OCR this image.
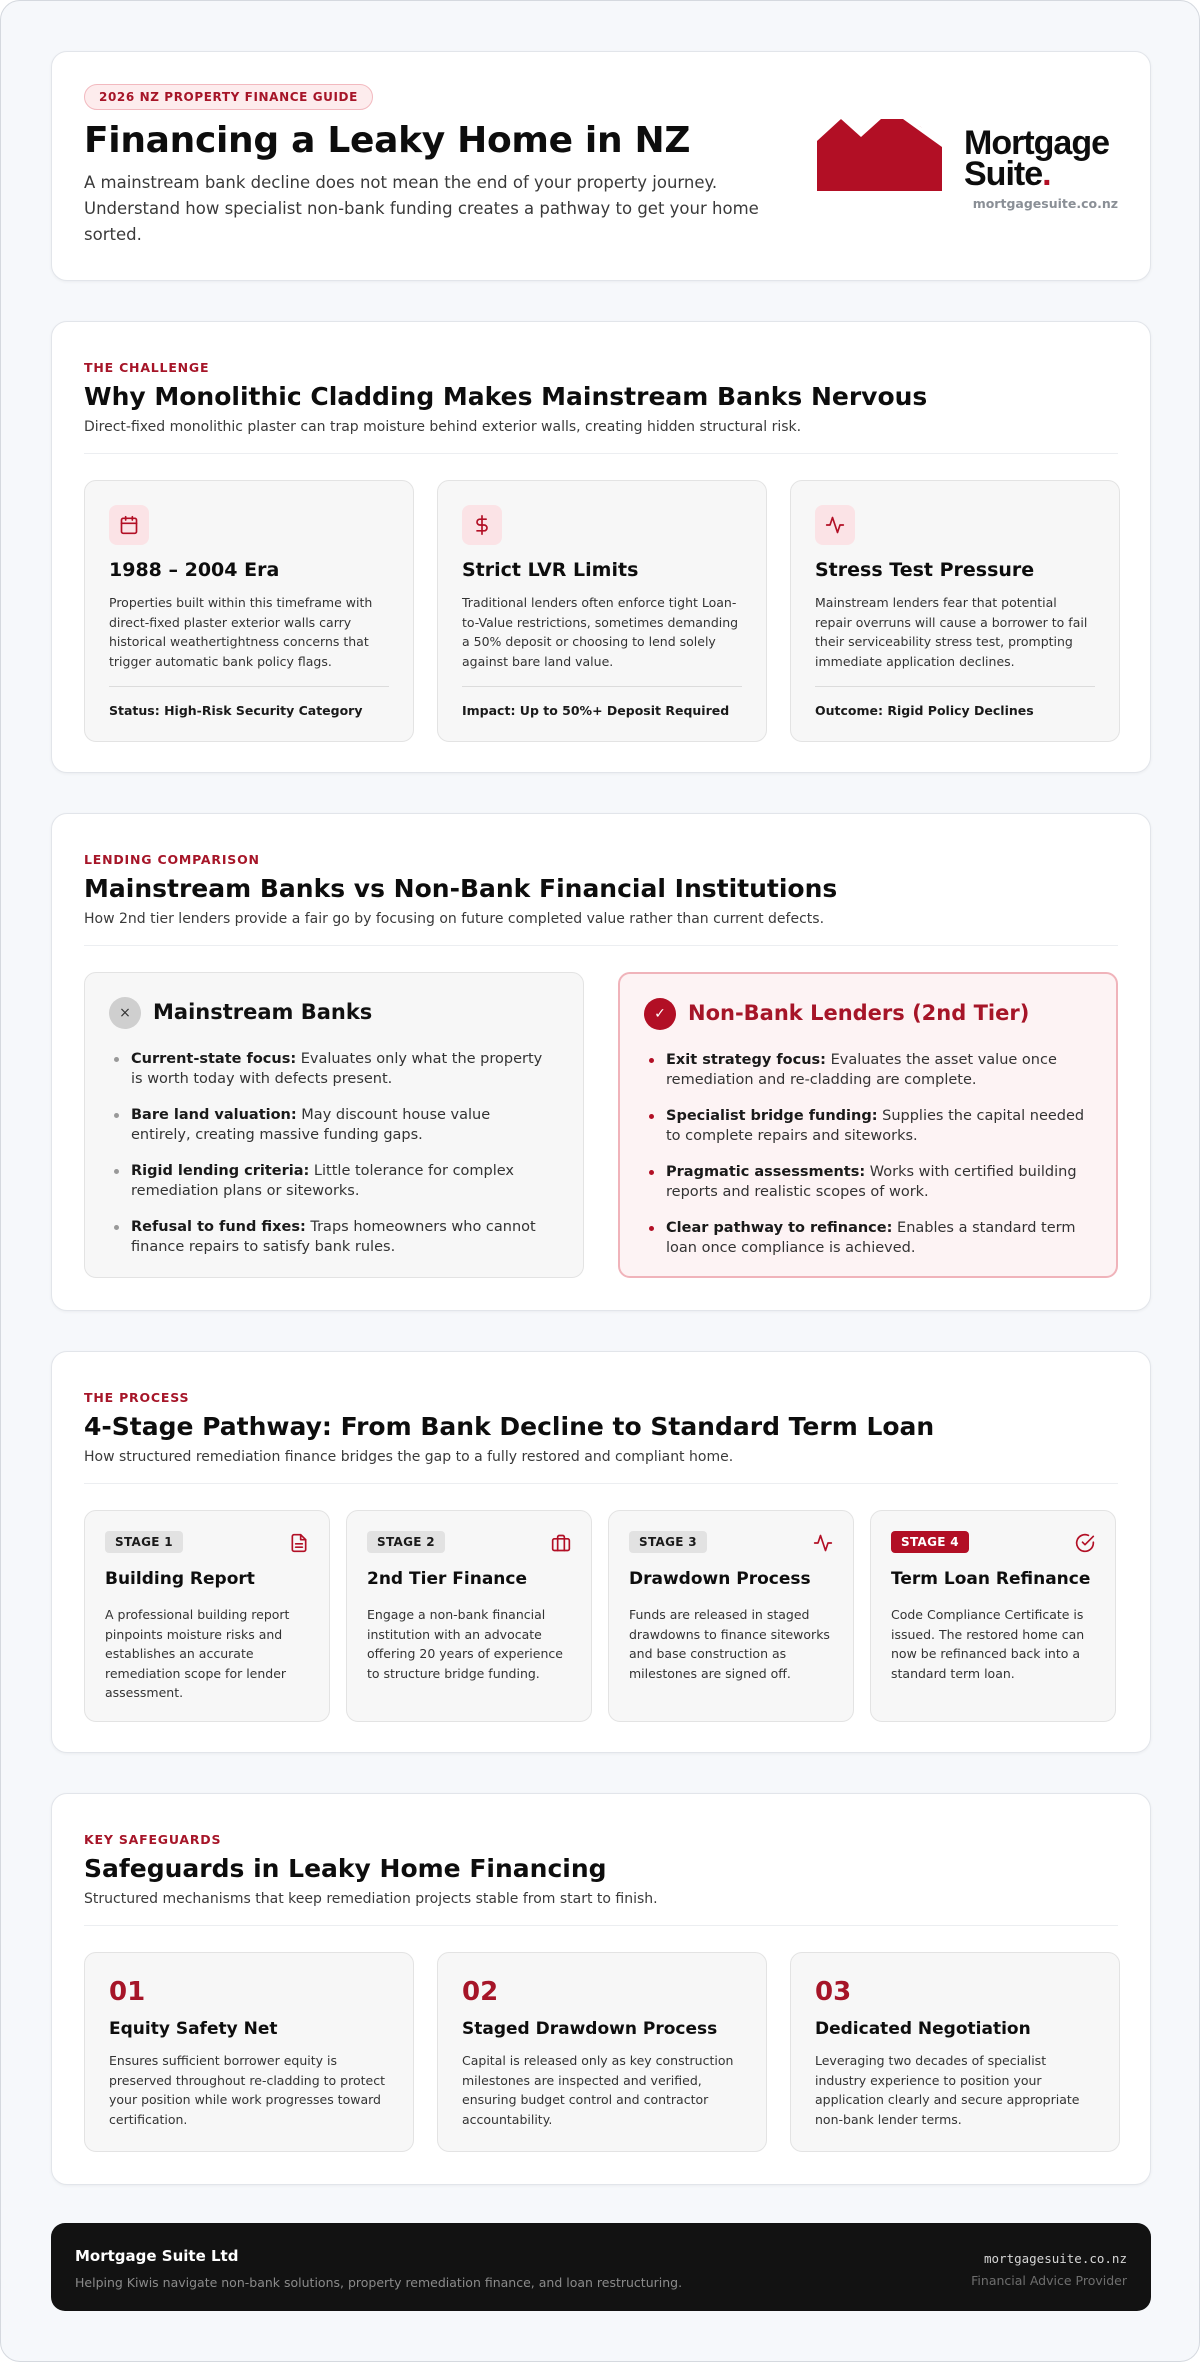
2026 NZ PROPERTY FINANCE GUIDE
Financing a Leaky Home in NZ
A mainstream bank decline does not mean the end of your property journey. Understand how specialist non-bank funding creates a pathway to get your home sorted.
Mortgage
Suite.
mortgagesuite.co.nz
THE CHALLENGE
Why Monolithic Cladding Makes Mainstream Banks Nervous
Direct-fixed monolithic plaster can trap moisture behind exterior walls, creating hidden structural risk.
1988 – 2004 Era
Properties built within this timeframe with direct-fixed plaster exterior walls carry historical weathertightness concerns that trigger automatic bank policy flags.
Status: High-Risk Security Category
Strict LVR Limits
Traditional lenders often enforce tight Loan-to-Value restrictions, sometimes demanding a 50% deposit or choosing to lend solely against bare land value.
Impact: Up to 50%+ Deposit Required
Stress Test Pressure
Mainstream lenders fear that potential repair overruns will cause a borrower to fail their serviceability stress test, prompting immediate application declines.
Outcome: Rigid Policy Declines
LENDING COMPARISON
Mainstream Banks vs Non-Bank Financial Institutions
How 2nd tier lenders provide a fair go by focusing on future completed value rather than current defects.
×	Mainstream Banks
Current-state focus: Evaluates only what the property is worth today with defects present.
Bare land valuation: May discount house value entirely, creating massive funding gaps.
Rigid lending criteria: Little tolerance for complex remediation plans or siteworks.
Refusal to fund fixes: Traps homeowners who cannot finance repairs to satisfy bank rules.
✓	Non-Bank Lenders (2nd Tier)
Exit strategy focus: Evaluates the asset value once remediation and re-cladding are complete.
Specialist bridge funding: Supplies the capital needed to complete repairs and siteworks.
Pragmatic assessments: Works with certified building reports and realistic scopes of work.
Clear pathway to refinance: Enables a standard term loan once compliance is achieved.
THE PROCESS
4-Stage Pathway: From Bank Decline to Standard Term Loan
How structured remediation finance bridges the gap to a fully restored and compliant home.
STAGE 1
Building Report
A professional building report pinpoints moisture risks and establishes an accurate remediation scope for lender assessment.
STAGE 2
2nd Tier Finance
Engage a non-bank financial institution with an advocate offering 20 years of experience to structure bridge funding.
STAGE 3
Drawdown Process
Funds are released in staged drawdowns to finance siteworks and base construction as milestones are signed off.
STAGE 4
Term Loan Refinance
Code Compliance Certificate is issued. The restored home can now be refinanced back into a standard term loan.
KEY SAFEGUARDS
Safeguards in Leaky Home Financing
Structured mechanisms that keep remediation projects stable from start to finish.
01
Equity Safety Net
Ensures sufficient borrower equity is preserved throughout re-cladding to protect your position while work progresses toward certification.
02
Staged Drawdown Process
Capital is released only as key construction milestones are inspected and verified, ensuring budget control and contractor accountability.
03
Dedicated Negotiation
Leveraging two decades of specialist industry experience to position your application clearly and secure appropriate non-bank lender terms.
Mortgage Suite Ltd
Helping Kiwis navigate non-bank solutions, property remediation finance, and loan restructuring.
mortgagesuite.co.nz
Financial Advice Provider
